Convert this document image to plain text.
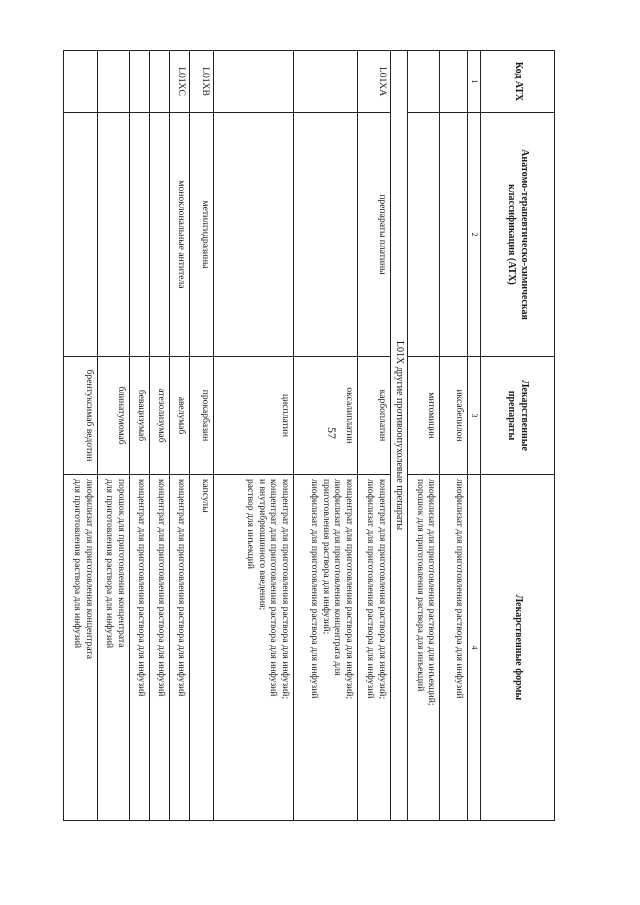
57
Код АТХ	Анатомо-терапевтическо-химическая классификация (АТХ)	Лекарственные препараты	Лекарственные формы
1	2	3	4
		иксабепилон	лиофилизат для приготовления раствора для инфузий
		митомицин	лиофилизат для приготовления раствора для инъекций;
порошок для приготовления раствора для инъекций
L01X другие противоопухолевые препараты			
L01XA	препараты платины	карбоплатин	концентрат для приготовления раствора для инфузий;
лиофилизат для приготовления раствора для инфузий
		оксалиплатин	концентрат для приготовления раствора для инфузий;
лиофилизат для приготовления концентрата для
приготовления раствора для инфузий;
лиофилизат для приготовления раствора для инфузий
		цисплатин	концентрат для приготовления раствора для инфузий;
концентрат для приготовления раствора для инфузий
и внутрибрюшинного введения;
раствор для инъекций
L01XB	метилгидразины	прокарбазин	капсулы
L01XC	моноклональные антитела	авелумаб	концентрат для приготовления раствора для инфузий
		атезолизумаб	концентрат для приготовления раствора для инфузий
		бевацизумаб	концентрат для приготовления раствора для инфузий
		блинатумомаб	порошок для приготовления концентрата
для приготовления раствора для инфузий
		брентуксимаб ведотин	лиофилизат для приготовления концентрата
для приготовления раствора для инфузий
